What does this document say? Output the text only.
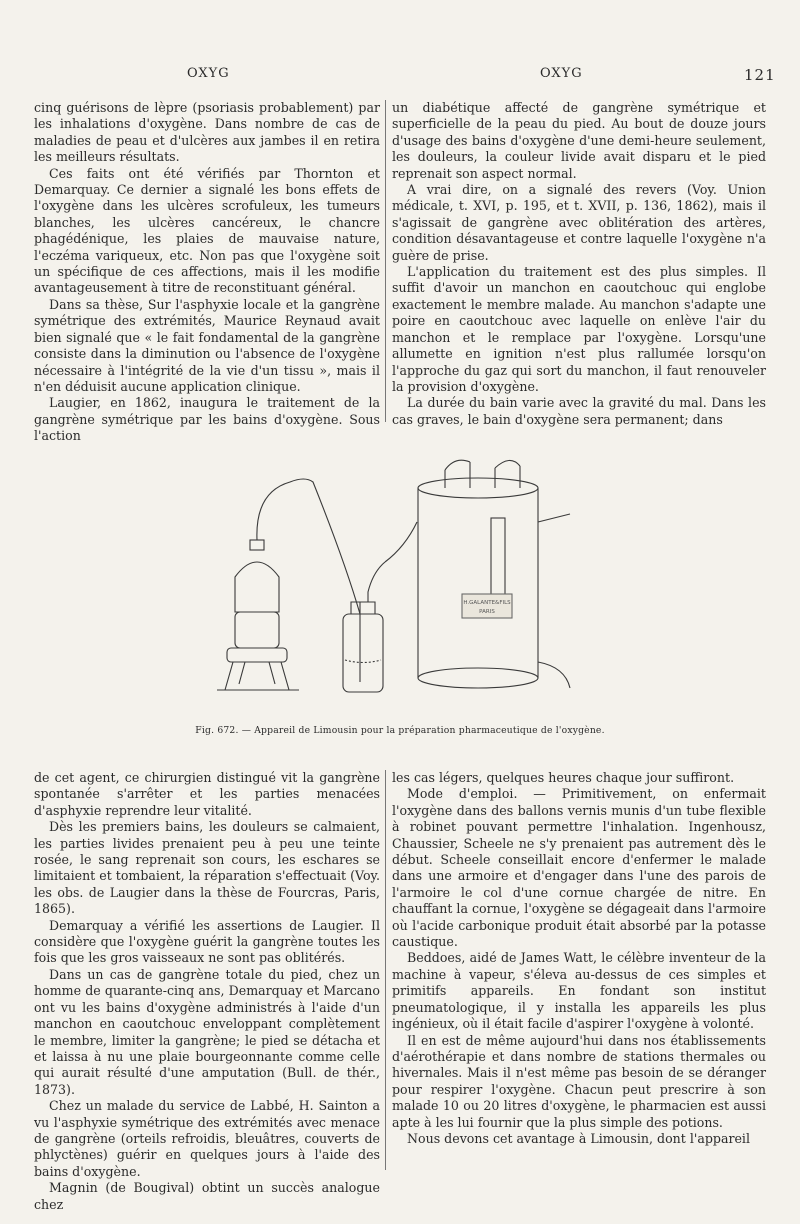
OXYG	OXYG	121

cinq guérisons de lèpre (psoriasis probablement) par les inhalations d'oxygène. Dans nombre de cas de maladies de peau et d'ulcères aux jambes il en retira les meilleurs résultats.

Ces faits ont été vérifiés par Thornton et Demarquay. Ce dernier a signalé les bons effets de l'oxygène dans les ulcères scrofuleux, les tumeurs blanches, les ulcères cancéreux, le chancre phagédénique, les plaies de mauvaise nature, l'eczéma variqueux, etc. Non pas que l'oxygène soit un spécifique de ces affections, mais il les modifie avantageusement à titre de reconstituant général.

Dans sa thèse, Sur l'asphyxie locale et la gangrène symétrique des extrémités, Maurice Reynaud avait bien signalé que « le fait fondamental de la gangrène consiste dans la diminution ou l'absence de l'oxygène nécessaire à l'intégrité de la vie d'un tissu », mais il n'en déduisit aucune application clinique.

Laugier, en 1862, inaugura le traitement de la gangrène symétrique par les bains d'oxygène. Sous l'action

un diabétique affecté de gangrène symétrique et superficielle de la peau du pied. Au bout de douze jours d'usage des bains d'oxygène d'une demi-heure seulement, les douleurs, la couleur livide avait disparu et le pied reprenait son aspect normal.

A vrai dire, on a signalé des revers (Voy. Union médicale, t. XVI, p. 195, et t. XVII, p. 136, 1862), mais il s'agissait de gangrène avec oblitération des artères, condition désavantageuse et contre laquelle l'oxygène n'a guère de prise.

L'application du traitement est des plus simples. Il suffit d'avoir un manchon en caoutchouc qui englobe exactement le membre malade. Au manchon s'adapte une poire en caoutchouc avec laquelle on enlève l'air du manchon et le remplace par l'oxygène. Lorsqu'une allumette en ignition n'est plus rallumée lorsqu'on l'approche du gaz qui sort du manchon, il faut renouveler la provision d'oxygène.

La durée du bain varie avec la gravité du mal. Dans les cas graves, le bain d'oxygène sera permanent; dans

H.GALANTE&FILS
PARIS
Fig. 672. — Appareil de Limousin pour la préparation pharmaceutique de l'oxygène.

de cet agent, ce chirurgien distingué vit la gangrène spontanée s'arrêter et les parties menacées d'asphyxie reprendre leur vitalité.

Dès les premiers bains, les douleurs se calmaient, les parties livides prenaient peu à peu une teinte rosée, le sang reprenait son cours, les eschares se limitaient et tombaient, la réparation s'effectuait (Voy. les obs. de Laugier dans la thèse de Fourcras, Paris, 1865).

Demarquay a vérifié les assertions de Laugier. Il considère que l'oxygène guérit la gangrène toutes les fois que les gros vaisseaux ne sont pas oblitérés.

Dans un cas de gangrène totale du pied, chez un homme de quarante-cinq ans, Demarquay et Marcano ont vu les bains d'oxygène administrés à l'aide d'un manchon en caoutchouc enveloppant complètement le membre, limiter la gangrène; le pied se détacha et et laissa à nu une plaie bourgeonnante comme celle qui aurait résulté d'une amputation (Bull. de thér., 1873).

Chez un malade du service de Labbé, H. Sainton a vu l'asphyxie symétrique des extrémités avec menace de gangrène (orteils refroidis, bleuâtres, couverts de phlyctènes) guérir en quelques jours à l'aide des bains d'oxygène.

Magnin (de Bougival) obtint un succès analogue chez

les cas légers, quelques heures chaque jour suffiront.

Mode d'emploi. — Primitivement, on enfermait l'oxygène dans des ballons vernis munis d'un tube flexible à robinet pouvant permettre l'inhalation. Ingenhousz, Chaussier, Scheele ne s'y prenaient pas autrement dès le début. Scheele conseillait encore d'enfermer le malade dans une armoire et d'engager dans l'une des parois de l'armoire le col d'une cornue chargée de nitre. En chauffant la cornue, l'oxygène se dégageait dans l'armoire où l'acide carbonique produit était absorbé par la potasse caustique.

Beddoes, aidé de James Watt, le célèbre inventeur de la machine à vapeur, s'éleva au-dessus de ces simples et primitifs appareils. En fondant son institut pneumatologique, il y installa les appareils les plus ingénieux, où il était facile d'aspirer l'oxygène à volonté.

Il en est de même aujourd'hui dans nos établissements d'aérothérapie et dans nombre de stations thermales ou hivernales. Mais il n'est même pas besoin de se déranger pour respirer l'oxygène. Chacun peut prescrire à son malade 10 ou 20 litres d'oxygène, le pharmacien est aussi apte à les lui fournir que la plus simple des potions.

Nous devons cet avantage à Limousin, dont l'appareil
